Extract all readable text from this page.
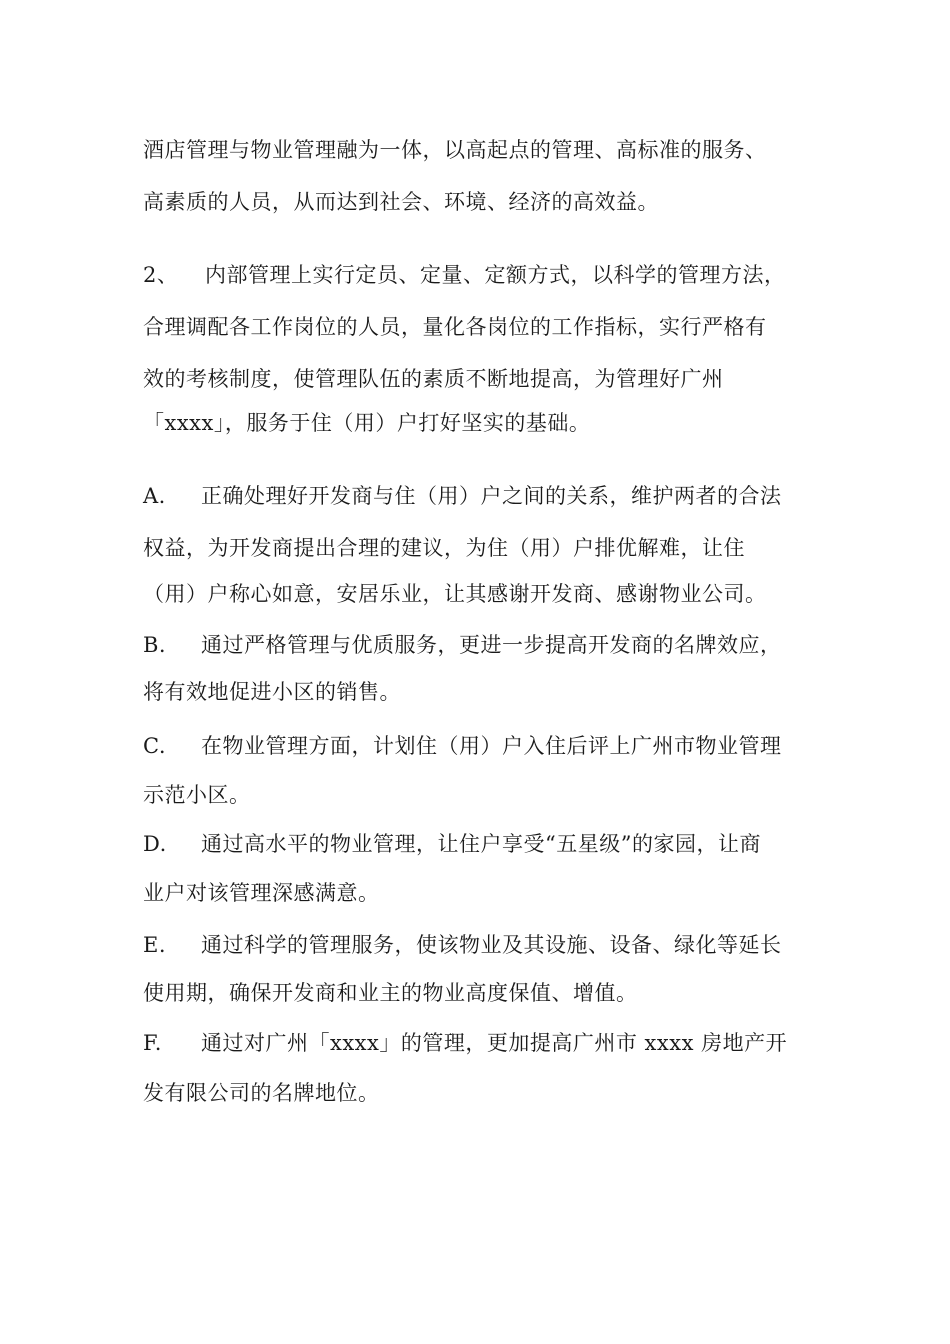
酒店管理与物业管理融为一体，以高起点的管理、高标准的服务、
高素质的人员，从而达到社会、环境、经济的高效益。
2、 内部管理上实行定员、定量、定额方式，以科学的管理方法，
合理调配各工作岗位的人员，量化各岗位的工作指标，实行严格有
效的考核制度，使管理队伍的素质不断地提高，为管理好广州
「xxxx」，服务于住（用）户打好坚实的基础。
A. 正确处理好开发商与住（用）户之间的关系，维护两者的合法
权益，为开发商提出合理的建议，为住（用）户排优解难，让住
（用）户称心如意，安居乐业，让其感谢开发商、感谢物业公司。
B. 通过严格管理与优质服务，更进一步提高开发商的名牌效应，
将有效地促进小区的销售。
C. 在物业管理方面，计划住（用）户入住后评上广州市物业管理
示范小区。
D. 通过高水平的物业管理，让住户享受“五星级”的家园，让商
业户对该管理深感满意。
E. 通过科学的管理服务，使该物业及其设施、设备、绿化等延长
使用期，确保开发商和业主的物业高度保值、增值。
F. 通过对广州「xxxx」的管理，更加提高广州市 xxxx 房地产开
发有限公司的名牌地位。
